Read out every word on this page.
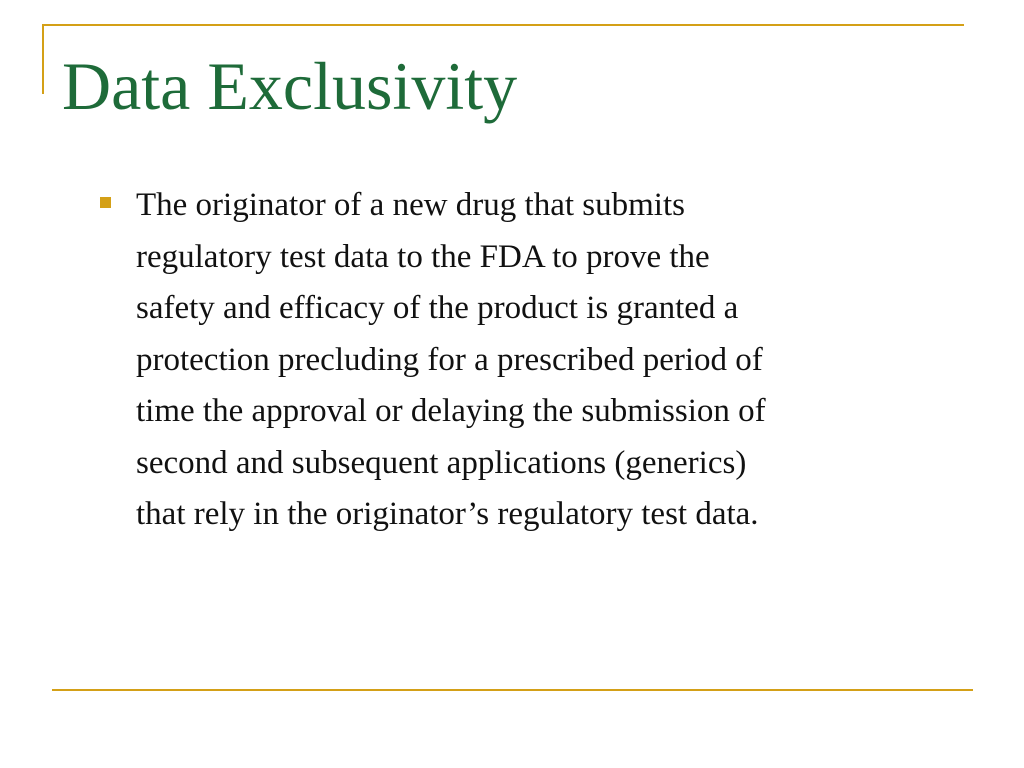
Data Exclusivity
The originator of a new drug that submits
regulatory test data to the FDA to prove the
safety and efficacy of the product is granted a
protection precluding for a prescribed period of
time the approval or delaying the submission of
second and subsequent applications (generics)
that rely in the originator’s regulatory test data.
